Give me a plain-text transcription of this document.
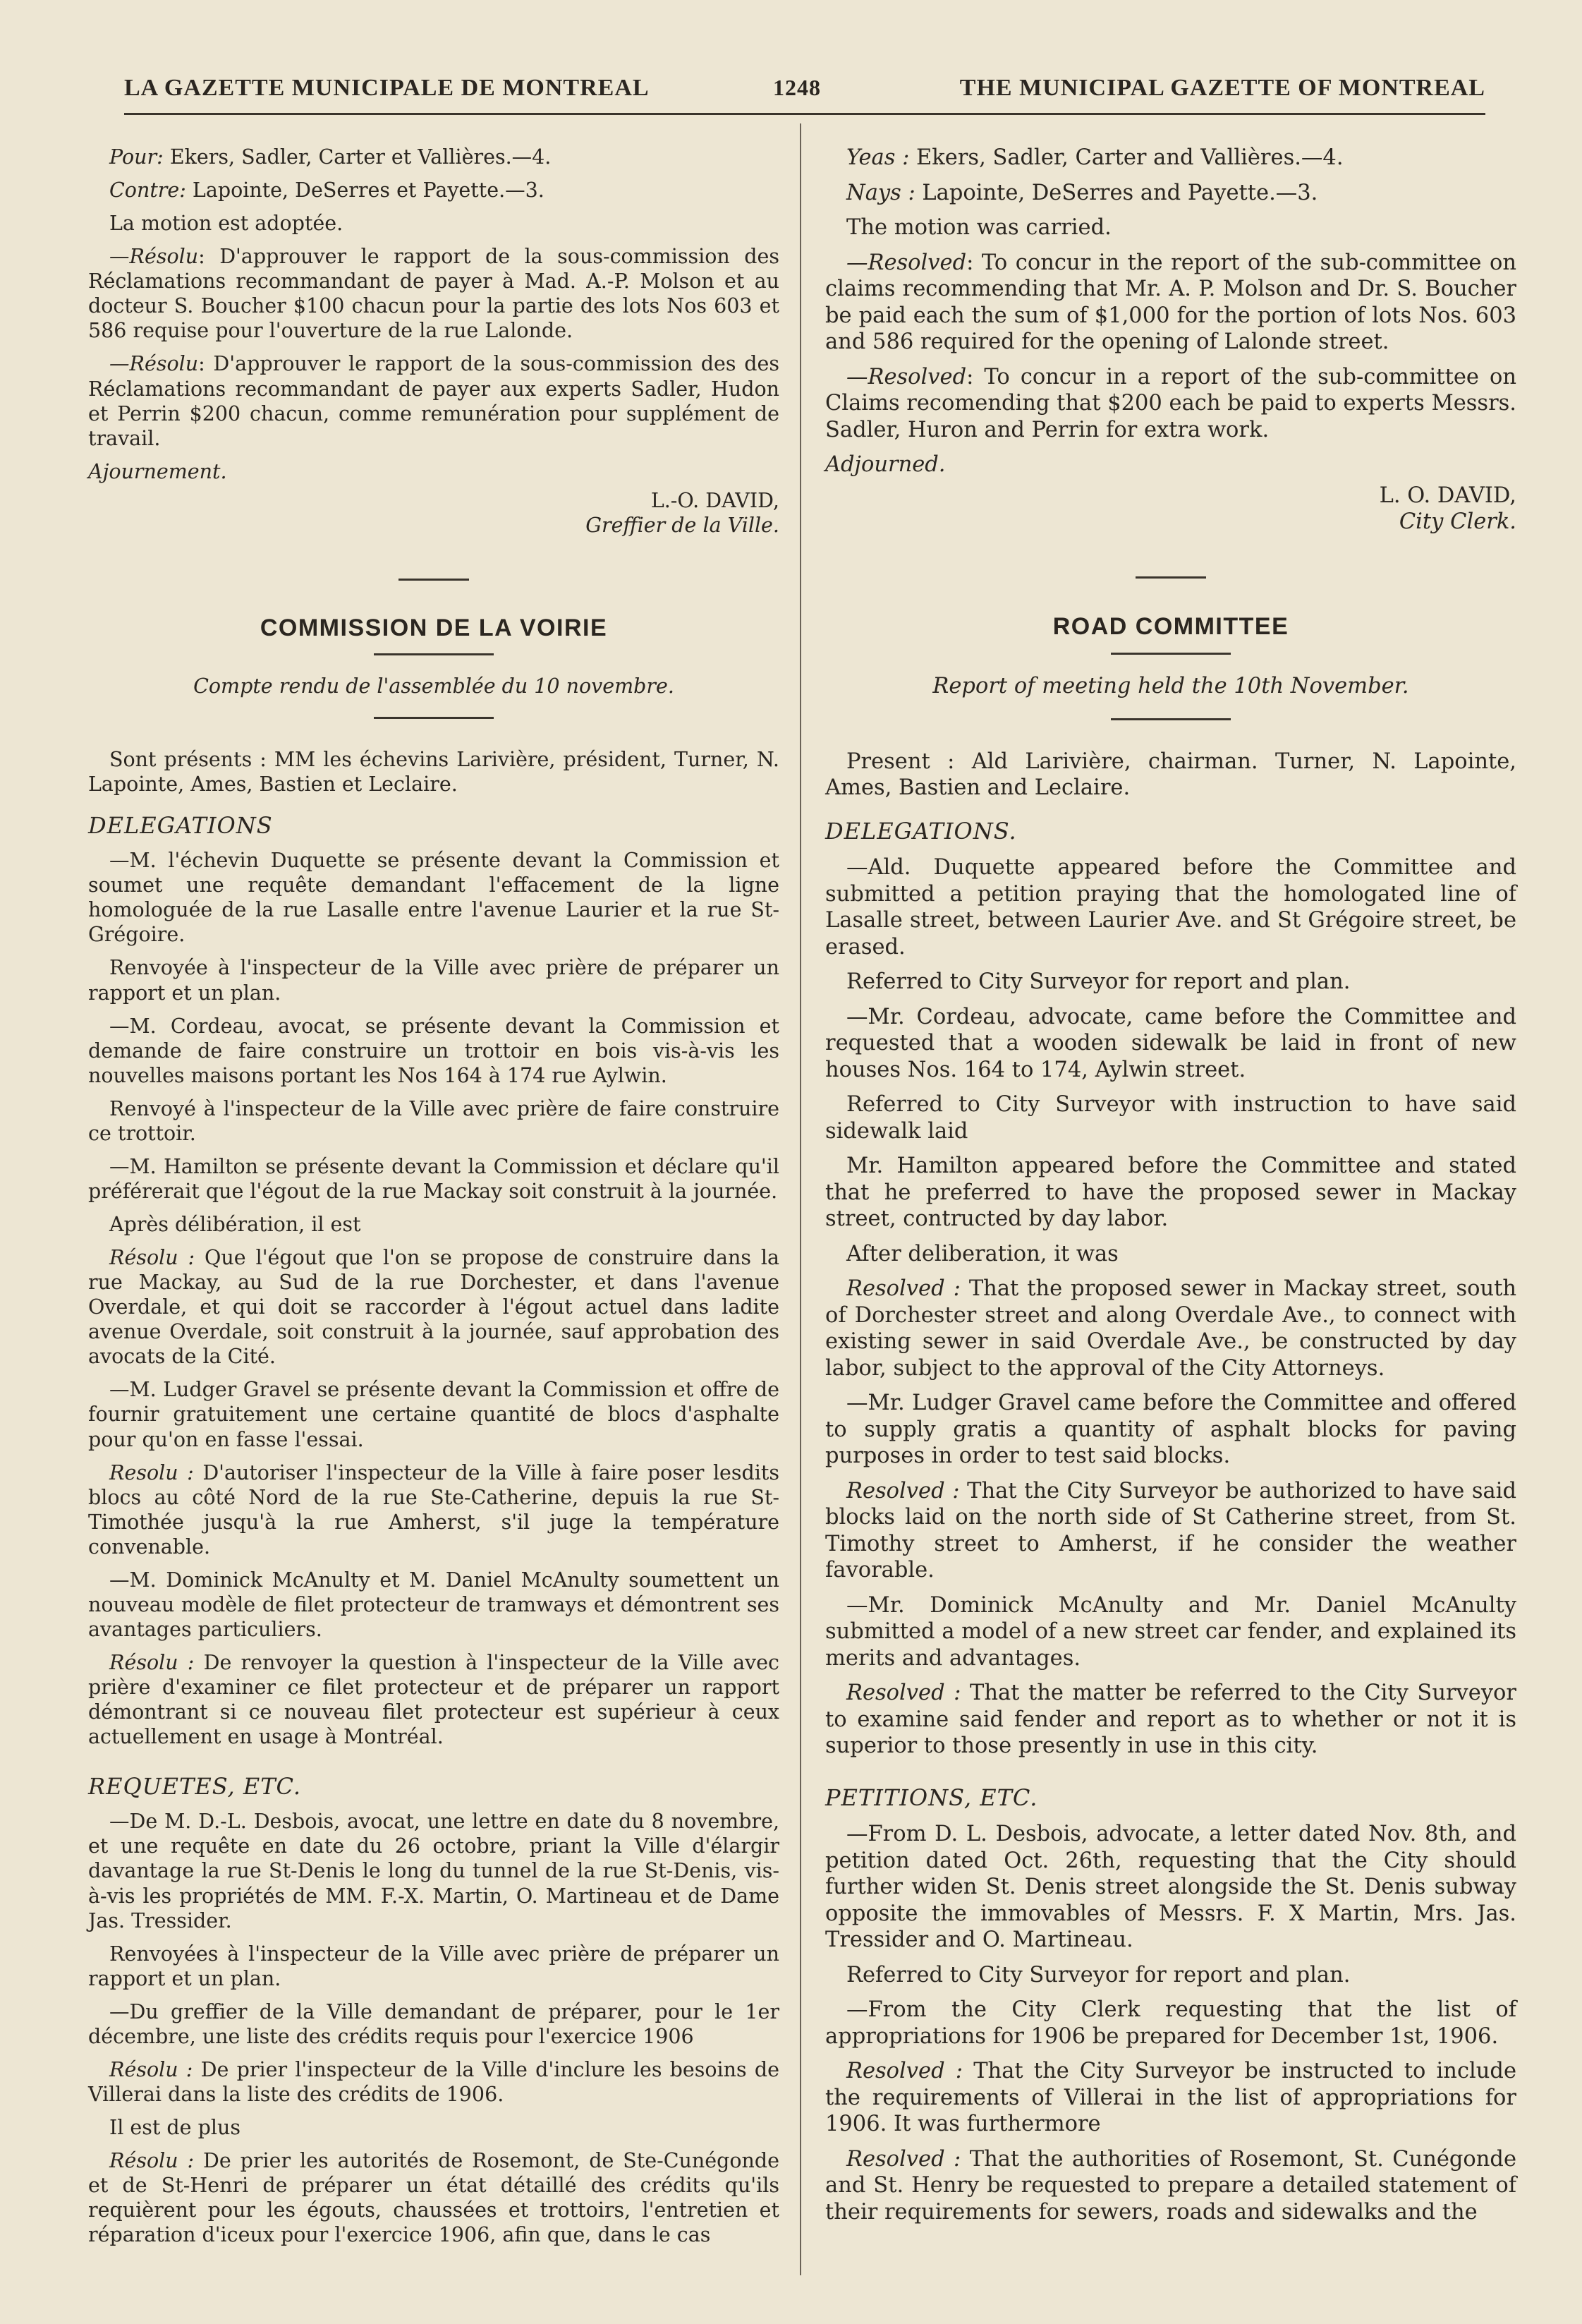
LA GAZETTE MUNICIPALE DE MONTREAL	1248	THE MUNICIPAL GAZETTE OF MONTREAL

Pour: Ekers, Sadler, Carter et Vallières.—4.

Contre: Lapointe, DeSerres et Payette.—3.

La motion est adoptée.

—Résolu: D'approuver le rapport de la sous-commission des Réclamations recommandant de payer à Mad. A.-P. Molson et au docteur S. Boucher $100 chacun pour la partie des lots Nos 603 et 586 requise pour l'ouverture de la rue Lalonde.

—Résolu: D'approuver le rapport de la sous-commission des des Réclamations recommandant de payer aux experts Sadler, Hudon et Perrin $200 chacun, comme remunération pour supplément de travail.

Ajournement.

L.-O. DAVID,

Greffier de la Ville.

COMMISSION DE LA VOIRIE

Compte rendu de l'assemblée du 10 novembre.

Sont présents : MM les échevins Larivière, président, Turner, N. Lapointe, Ames, Bastien et Leclaire.

DELEGATIONS

—M. l'échevin Duquette se présente devant la Commission et soumet une requête demandant l'effacement de la ligne homologuée de la rue Lasalle entre l'avenue Laurier et la rue St-Grégoire.

Renvoyée à l'inspecteur de la Ville avec prière de préparer un rapport et un plan.

—M. Cordeau, avocat, se présente devant la Commission et demande de faire construire un trottoir en bois vis-à-vis les nouvelles maisons portant les Nos 164 à 174 rue Aylwin.

Renvoyé à l'inspecteur de la Ville avec prière de faire construire ce trottoir.

—M. Hamilton se présente devant la Commission et déclare qu'il préférerait que l'égout de la rue Mackay soit construit à la journée.

Après délibération, il est

Résolu : Que l'égout que l'on se propose de construire dans la rue Mackay, au Sud de la rue Dorchester, et dans l'avenue Overdale, et qui doit se raccorder à l'égout actuel dans ladite avenue Overdale, soit construit à la journée, sauf approbation des avocats de la Cité.

—M. Ludger Gravel se présente devant la Commission et offre de fournir gratuitement une certaine quantité de blocs d'asphalte pour qu'on en fasse l'essai.

Resolu : D'autoriser l'inspecteur de la Ville à faire poser lesdits blocs au côté Nord de la rue Ste-Catherine, depuis la rue St-Timothée jusqu'à la rue Amherst, s'il juge la température convenable.

—M. Dominick McAnulty et M. Daniel McAnulty soumettent un nouveau modèle de filet protecteur de tramways et démontrent ses avantages particuliers.

Résolu : De renvoyer la question à l'inspecteur de la Ville avec prière d'examiner ce filet protecteur et de préparer un rapport démontrant si ce nouveau filet protecteur est supérieur à ceux actuellement en usage à Montréal.

REQUETES, ETC.

—De M. D.-L. Desbois, avocat, une lettre en date du 8 novembre, et une requête en date du 26 octobre, priant la Ville d'élargir davantage la rue St-Denis le long du tunnel de la rue St-Denis, vis-à-vis les propriétés de MM. F.-X. Martin, O. Martineau et de Dame Jas. Tressider.

Renvoyées à l'inspecteur de la Ville avec prière de préparer un rapport et un plan.

—Du greffier de la Ville demandant de préparer, pour le 1er décembre, une liste des crédits requis pour l'exercice 1906

Résolu : De prier l'inspecteur de la Ville d'inclure les besoins de Villerai dans la liste des crédits de 1906.

Il est de plus

Résolu : De prier les autorités de Rosemont, de Ste-Cunégonde et de St-Henri de préparer un état détaillé des crédits qu'ils requièrent pour les égouts, chaussées et trottoirs, l'entretien et réparation d'iceux pour l'exercice 1906, afin que, dans le cas

Yeas : Ekers, Sadler, Carter and Vallières.—4.

Nays : Lapointe, DeSerres and Payette.—3.

The motion was carried.

—Resolved: To concur in the report of the sub-committee on claims recommending that Mr. A. P. Molson and Dr. S. Boucher be paid each the sum of $1,000 for the portion of lots Nos. 603 and 586 required for the opening of Lalonde street.

—Resolved: To concur in a report of the sub-committee on Claims recomending that $200 each be paid to experts Messrs. Sadler, Huron and Perrin for extra work.

Adjourned.

L. O. DAVID,

City Clerk.

ROAD COMMITTEE

Report of meeting held the 10th November.

Present : Ald Larivière, chairman. Turner, N. Lapointe, Ames, Bastien and Leclaire.

DELEGATIONS.

—Ald. Duquette appeared before the Committee and submitted a petition praying that the homologated line of Lasalle street, between Laurier Ave. and St Grégoire street, be erased.

Referred to City Surveyor for report and plan.

—Mr. Cordeau, advocate, came before the Committee and requested that a wooden sidewalk be laid in front of new houses Nos. 164 to 174, Aylwin street.

Referred to City Surveyor with instruction to have said sidewalk laid

Mr. Hamilton appeared before the Committee and stated that he preferred to have the proposed sewer in Mackay street, contructed by day labor.

After deliberation, it was

Resolved : That the proposed sewer in Mackay street, south of Dorchester street and along Overdale Ave., to connect with existing sewer in said Overdale Ave., be constructed by day labor, subject to the approval of the City Attorneys.

—Mr. Ludger Gravel came before the Committee and offered to supply gratis a quantity of asphalt blocks for paving purposes in order to test said blocks.

Resolved : That the City Surveyor be authorized to have said blocks laid on the north side of St Catherine street, from St. Timothy street to Amherst, if he consider the weather favorable.

—Mr. Dominick McAnulty and Mr. Daniel McAnulty submitted a model of a new street car fender, and explained its merits and advantages.

Resolved : That the matter be referred to the City Surveyor to examine said fender and report as to whether or not it is superior to those presently in use in this city.

PETITIONS, ETC.

—From D. L. Desbois, advocate, a letter dated Nov. 8th, and petition dated Oct. 26th, requesting that the City should further widen St. Denis street alongside the St. Denis subway opposite the immovables of Messrs. F. X Martin, Mrs. Jas. Tressider and O. Martineau.

Referred to City Surveyor for report and plan.

—From the City Clerk requesting that the list of appropriations for 1906 be prepared for December 1st, 1906.

Resolved : That the City Surveyor be instructed to include the requirements of Villerai in the list of appropriations for 1906. It was furthermore

Resolved : That the authorities of Rosemont, St. Cunégonde and St. Henry be requested to prepare a detailed statement of their requirements for sewers, roads and sidewalks and the
